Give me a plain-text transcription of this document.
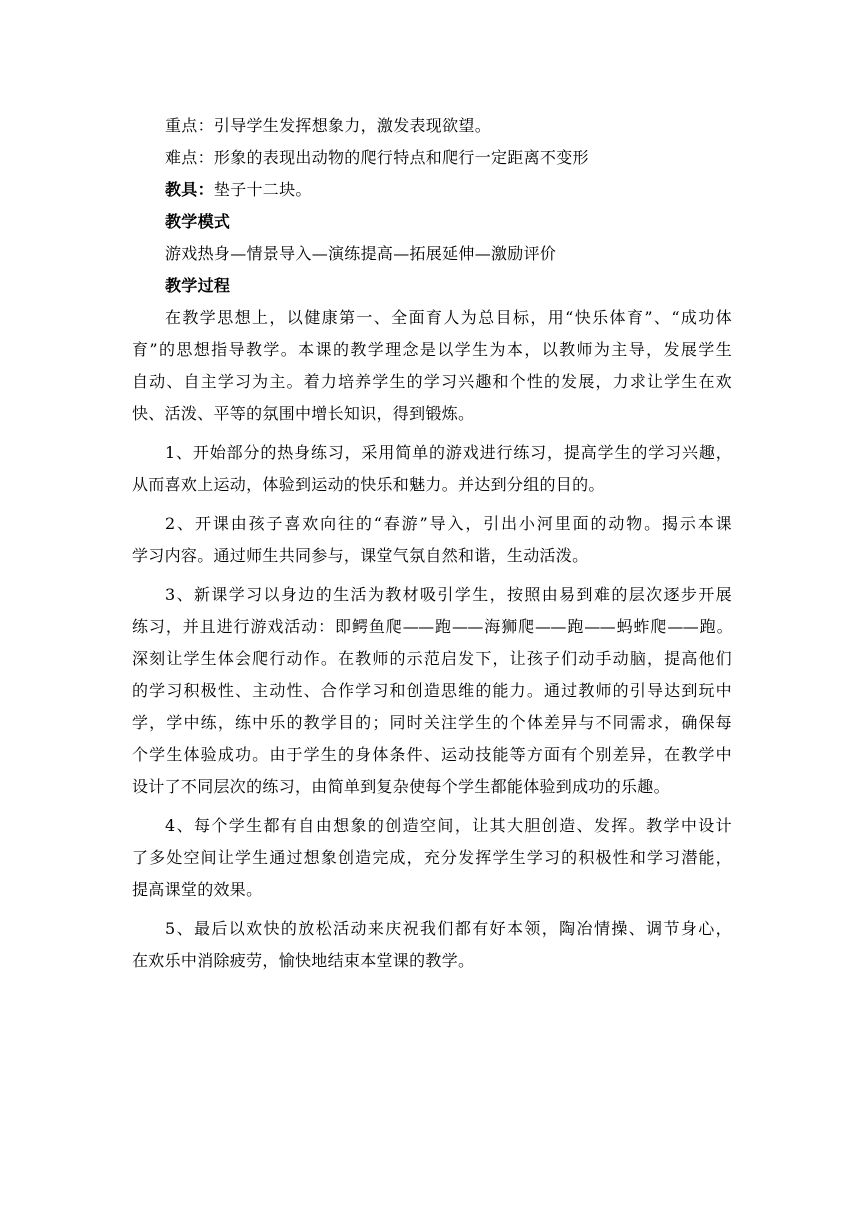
重点：引导学生发挥想象力，激发表现欲望。
难点：形象的表现出动物的爬行特点和爬行一定距离不变形
教具：垫子十二块。
教学模式
游戏热身—情景导入—演练提高—拓展延伸—激励评价
教学过程
在教学思想上，以健康第一、全面育人为总目标，用“快乐体育”、“成功体
育”的思想指导教学。本课的教学理念是以学生为本，以教师为主导，发展学生
自动、自主学习为主。着力培养学生的学习兴趣和个性的发展，力求让学生在欢
快、活泼、平等的氛围中增长知识，得到锻炼。
1、开始部分的热身练习，采用简单的游戏进行练习，提高学生的学习兴趣，
从而喜欢上运动，体验到运动的快乐和魅力。并达到分组的目的。
2、开课由孩子喜欢向往的“春游”导入，引出小河里面的动物。揭示本课
学习内容。通过师生共同参与，课堂气氛自然和谐，生动活泼。
3、新课学习以身边的生活为教材吸引学生，按照由易到难的层次逐步开展
练习，并且进行游戏活动：即鳄鱼爬——跑——海狮爬——跑——蚂蚱爬——跑。
深刻让学生体会爬行动作。在教师的示范启发下，让孩子们动手动脑，提高他们
的学习积极性、主动性、合作学习和创造思维的能力。通过教师的引导达到玩中
学，学中练，练中乐的教学目的；同时关注学生的个体差异与不同需求，确保每
个学生体验成功。由于学生的身体条件、运动技能等方面有个别差异，在教学中
设计了不同层次的练习，由简单到复杂使每个学生都能体验到成功的乐趣。
4、每个学生都有自由想象的创造空间，让其大胆创造、发挥。教学中设计
了多处空间让学生通过想象创造完成，充分发挥学生学习的积极性和学习潜能，
提高课堂的效果。
5、最后以欢快的放松活动来庆祝我们都有好本领，陶冶情操、调节身心，
在欢乐中消除疲劳，愉快地结束本堂课的教学。
